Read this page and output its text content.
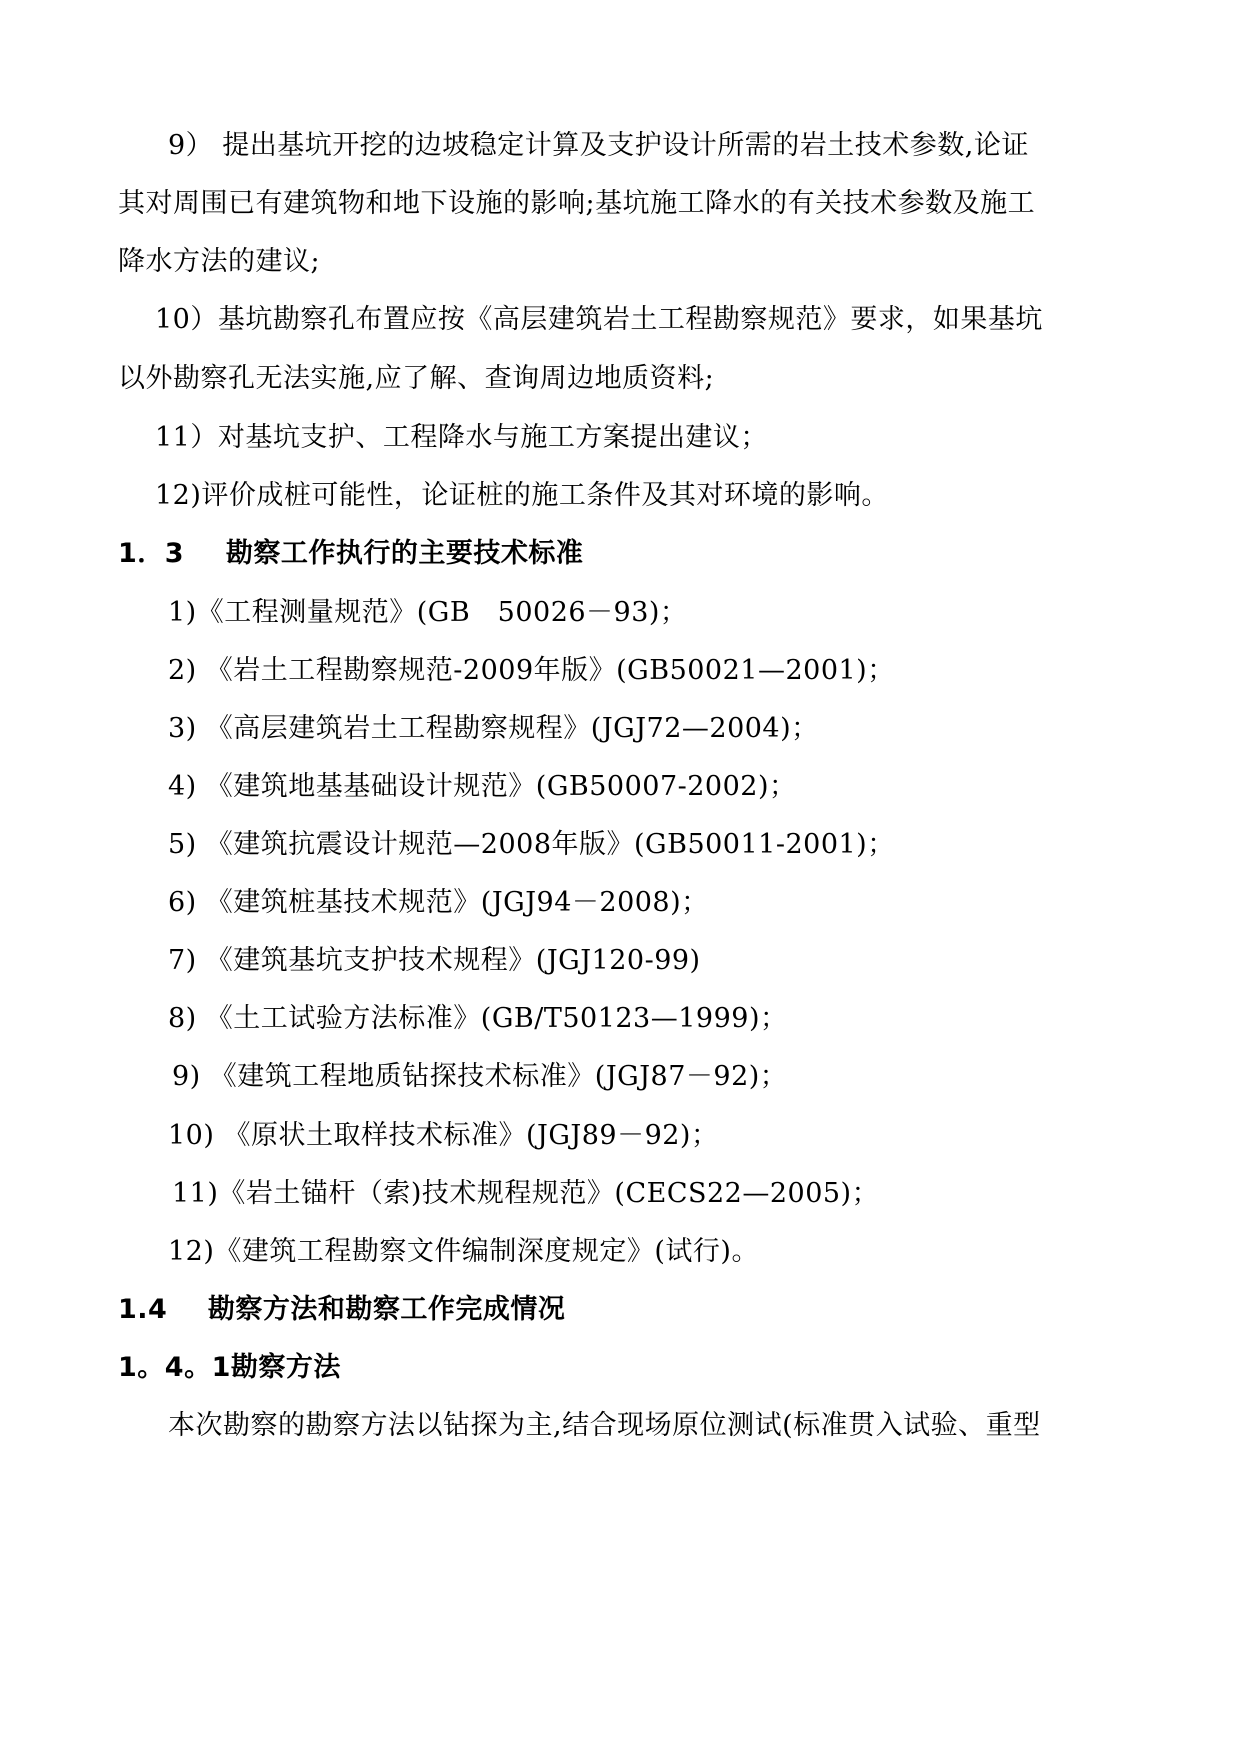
9） 提出基坑开挖的边坡稳定计算及支护设计所需的岩土技术参数,论证
其对周围已有建筑物和地下设施的影响;基坑施工降水的有关技术参数及施工
降水方法的建议;
10）基坑勘察孔布置应按《高层建筑岩土工程勘察规范》要求，如果基坑
以外勘察孔无法实施,应了解、查询周边地质资料;
11）对基坑支护、工程降水与施工方案提出建议；
12)评价成桩可能性，论证桩的施工条件及其对环境的影响。
1．3 勘察工作执行的主要技术标准
1)《工程测量规范》(GB　50026－93)；
2) 《岩土工程勘察规范-2009年版》(GB50021—2001)；
3) 《高层建筑岩土工程勘察规程》(JGJ72—2004)；
4) 《建筑地基基础设计规范》(GB50007-2002)；
5) 《建筑抗震设计规范—2008年版》(GB50011-2001)；
6) 《建筑桩基技术规范》(JGJ94－2008)；
7) 《建筑基坑支护技术规程》(JGJ120-99)
8) 《土工试验方法标准》(GB/T50123—1999)；
9) 《建筑工程地质钻探技术标准》(JGJ87－92)；
10) 《原状土取样技术标准》(JGJ89－92)；
11)《岩土锚杆（索)技术规程规范》(CECS22—2005)；
12)《建筑工程勘察文件编制深度规定》(试行)。
1.4 勘察方法和勘察工作完成情况
1。4。1勘察方法
本次勘察的勘察方法以钻探为主,结合现场原位测试(标准贯入试验、重型
